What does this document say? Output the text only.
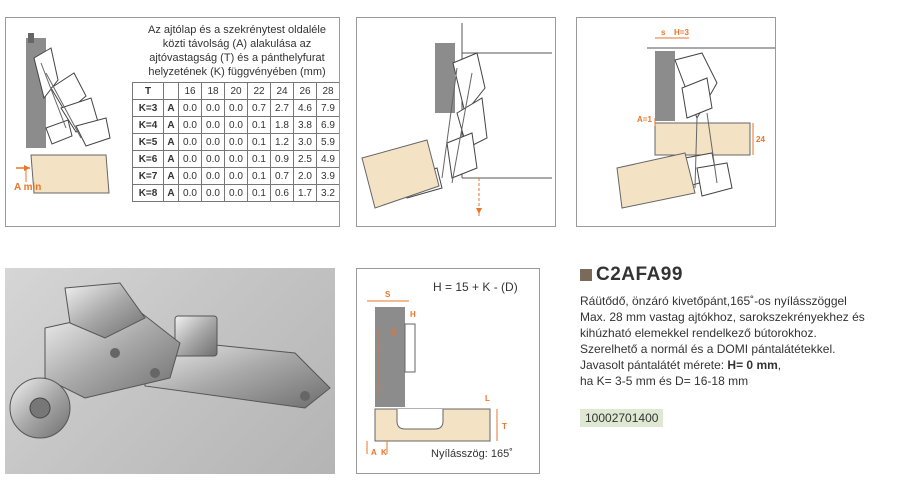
A min
Az ajtólap és a szekrénytest oldaléle
közti távolság (A) alakulása az
ajtóvastagság (T) és a pánthelyfurat
helyzetének (K) függvényében (mm)
T		16	18	20	22	24	26	28
K=3	A	0.0	0.0	0.0	0.7	2.7	4.6	7.9
K=4	A	0.0	0.0	0.0	0.1	1.8	3.8	6.9
K=5	A	0.0	0.0	0.0	0.1	1.2	3.0	5.9
K=6	A	0.0	0.0	0.0	0.1	0.9	2.5	4.9
K=7	A	0.0	0.0	0.0	0.1	0.7	2.0	3.9
K=8	A	0.0	0.0	0.0	0.1	0.6	1.7	3.2
s H=3
A=1
24
H = 15 + K - (D)
S
H
D
L
T
A K	Nyílásszög: 165˚
C2AFA99
Ráütődő, önzáró kivetőpánt,165˚-os nyílásszöggel
Max. 28 mm vastag ajtókhoz, sarokszekrényekhez és
kihúzható elemekkel rendelkező bútorokhoz.
Szerelhető a normál és a DOMI pántalátétekkel.
Javasolt pántalátét mérete: H= 0 mm,
ha K= 3-5 mm és D= 16-18 mm
10002701400
